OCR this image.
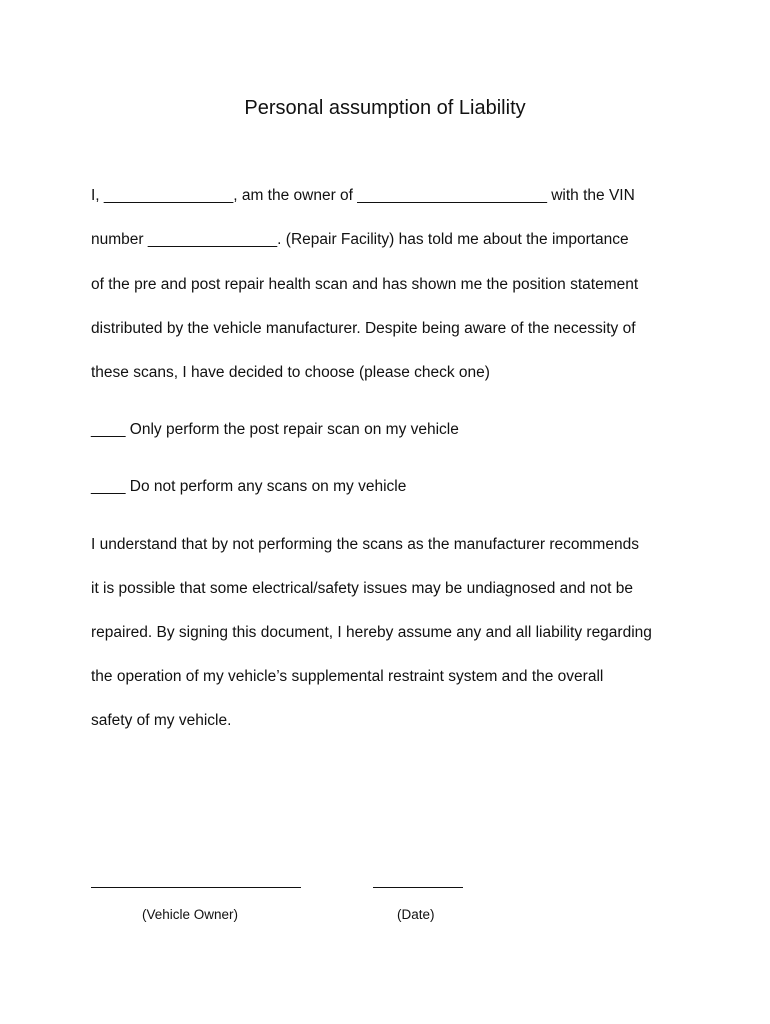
Personal assumption of Liability
I, _______________, am the owner of ______________________ with the VIN
number _______________. (Repair Facility) has told me about the importance
of the pre and post repair health scan and has shown me the position statement
distributed by the vehicle manufacturer. Despite being aware of the necessity of
these scans, I have decided to choose (please check one)
____ Only perform the post repair scan on my vehicle
____ Do not perform any scans on my vehicle
I understand that by not performing the scans as the manufacturer recommends
it is possible that some electrical/safety issues may be undiagnosed and not be
repaired. By signing this document, I hereby assume any and all liability regarding
the operation of my vehicle’s supplemental restraint system and the overall
safety of my vehicle.
(Vehicle Owner)	(Date)
